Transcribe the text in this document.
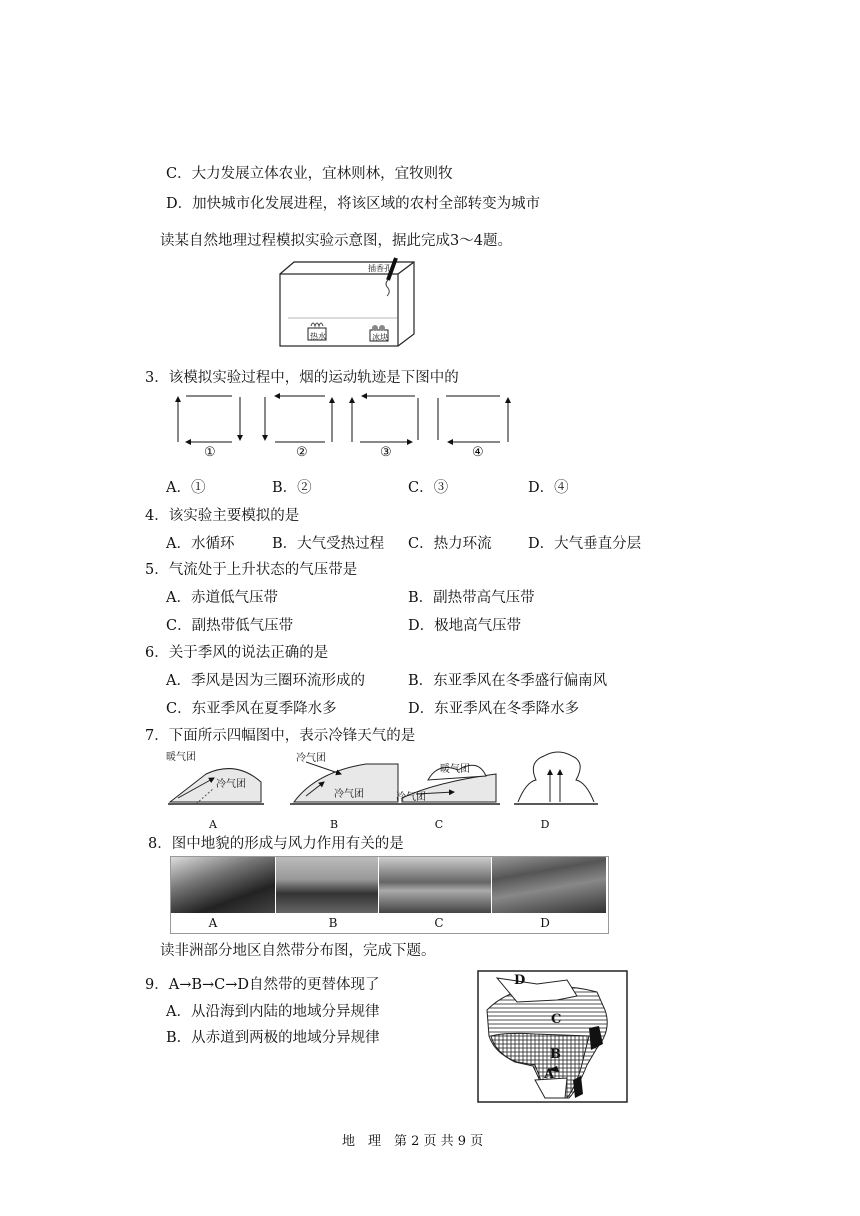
C．大力发展立体农业，宜林则林，宜牧则牧
D．加快城市化发展进程，将该区域的农村全部转变为城市
读某自然地理过程模拟实验示意图，据此完成3～4题。
插香孔
热水	冰块
3．该模拟实验过程中，烟的运动轨迹是下图中的
①	②	③	④
A．①	B．②	C．③	D．④
4．该实验主要模拟的是
A．水循环	B．大气受热过程 C．热力环流	D．大气垂直分层
5．气流处于上升状态的气压带是
A．赤道低气压带	B．副热带高气压带
C．副热带低气压带	D．极地高气压带
6．关于季风的说法正确的是
A．季风是因为三圈环流形成的	B．东亚季风在冬季盛行偏南风
C．东亚季风在夏季降水多	D．东亚季风在冬季降水多
7．下面所示四幅图中，表示冷锋天气的是
暖气团
冷气团
冷气团
冷气团
暖气团
冷气团
A	B	C	D
8．图中地貌的形成与风力作用有关的是
A	B	C	D
读非洲部分地区自然带分布图，完成下题。
9．A→B→C→D自然带的更替体现了
A．从沿海到内陆的地域分异规律
B．从赤道到两极的地域分异规律
D
C
B
A
地　理　第 2 页 共 9 页
